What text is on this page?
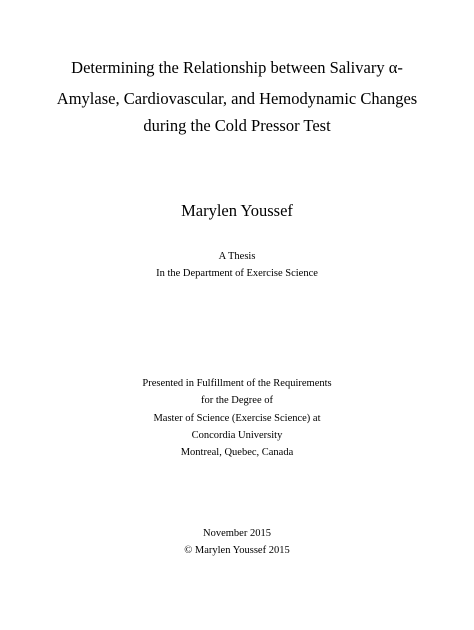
Determining the Relationship between Salivary α-
Amylase, Cardiovascular, and Hemodynamic Changes
during the Cold Pressor Test
Marylen Youssef
A Thesis
In the Department of Exercise Science
Presented in Fulfillment of the Requirements
for the Degree of
Master of Science (Exercise Science) at
Concordia University
Montreal, Quebec, Canada
November 2015
© Marylen Youssef 2015
